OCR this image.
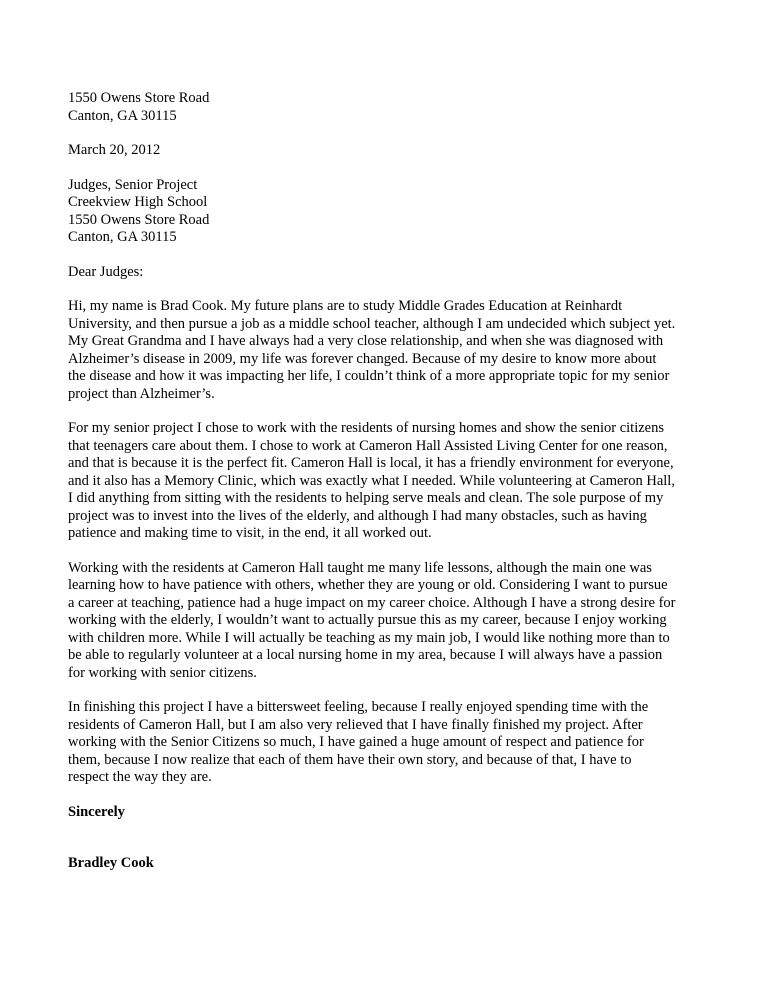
1550 Owens Store Road
Canton, GA 30115
March 20, 2012
Judges, Senior Project
Creekview High School
1550 Owens Store Road
Canton, GA 30115
Dear Judges:
Hi, my name is Brad Cook. My future plans are to study Middle Grades Education at Reinhardt
University, and then pursue a job as a middle school teacher, although I am undecided which subject yet.
My Great Grandma and I have always had a very close relationship, and when she was diagnosed with
Alzheimer’s disease in 2009, my life was forever changed. Because of my desire to know more about
the disease and how it was impacting her life, I couldn’t think of a more appropriate topic for my senior
project than Alzheimer’s.
For my senior project I chose to work with the residents of nursing homes and show the senior citizens
that teenagers care about them. I chose to work at Cameron Hall Assisted Living Center for one reason,
and that is because it is the perfect fit. Cameron Hall is local, it has a friendly environment for everyone,
and it also has a Memory Clinic, which was exactly what I needed. While volunteering at Cameron Hall,
I did anything from sitting with the residents to helping serve meals and clean. The sole purpose of my
project was to invest into the lives of the elderly, and although I had many obstacles, such as having
patience and making time to visit, in the end, it all worked out.
Working with the residents at Cameron Hall taught me many life lessons, although the main one was
learning how to have patience with others, whether they are young or old. Considering I want to pursue
a career at teaching, patience had a huge impact on my career choice. Although I have a strong desire for
working with the elderly, I wouldn’t want to actually pursue this as my career, because I enjoy working
with children more. While I will actually be teaching as my main job, I would like nothing more than to
be able to regularly volunteer at a local nursing home in my area, because I will always have a passion
for working with senior citizens.
In finishing this project I have a bittersweet feeling, because I really enjoyed spending time with the
residents of Cameron Hall, but I am also very relieved that I have finally finished my project. After
working with the Senior Citizens so much, I have gained a huge amount of respect and patience for
them, because I now realize that each of them have their own story, and because of that, I have to
respect the way they are.
Sincerely
Bradley Cook
